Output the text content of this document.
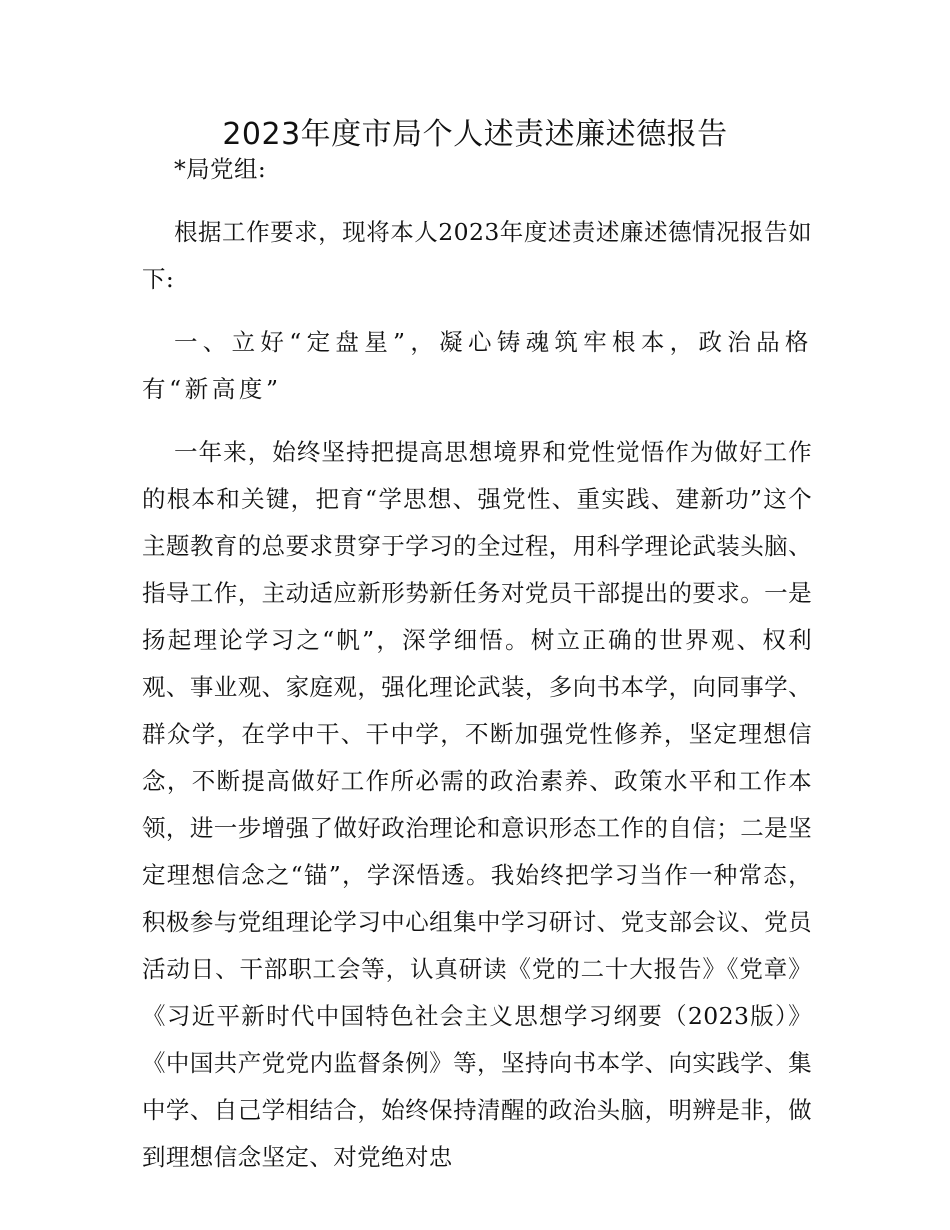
2023年度市局个人述责述廉述德报告

*局党组:

根据工作要求，现将本人2023年度述责述廉述德情况报告如下:

一、立好“定盘星”，凝心铸魂筑牢根本，政治品格有“新高度”

一年来，始终坚持把提高思想境界和党性觉悟作为做好工作的根本和关键，把育“学思想、强党性、重实践、建新功”这个主题教育的总要求贯穿于学习的全过程，用科学理论武装头脑、指导工作，主动适应新形势新任务对党员干部提出的要求。一是扬起理论学习之“帆”，深学细悟。树立正确的世界观、权利观、事业观、家庭观，强化理论武装，多向书本学，向同事学、群众学，在学中干、干中学，不断加强党性修养，坚定理想信念，不断提高做好工作所必需的政治素养、政策水平和工作本领，进一步增强了做好政治理论和意识形态工作的自信；二是坚定理想信念之“锚”，学深悟透。我始终把学习当作一种常态，积极参与党组理论学习中心组集中学习研讨、党支部会议、党员活动日、干部职工会等，认真研读《党的二十大报告》《党章》《习近平新时代中国特色社会主义思想学习纲要（2023版）》《中国共产党党内监督条例》等，坚持向书本学、向实践学、集中学、自己学相结合，始终保持清醒的政治头脑，明辨是非，做到理想信念坚定、对党绝对忠
